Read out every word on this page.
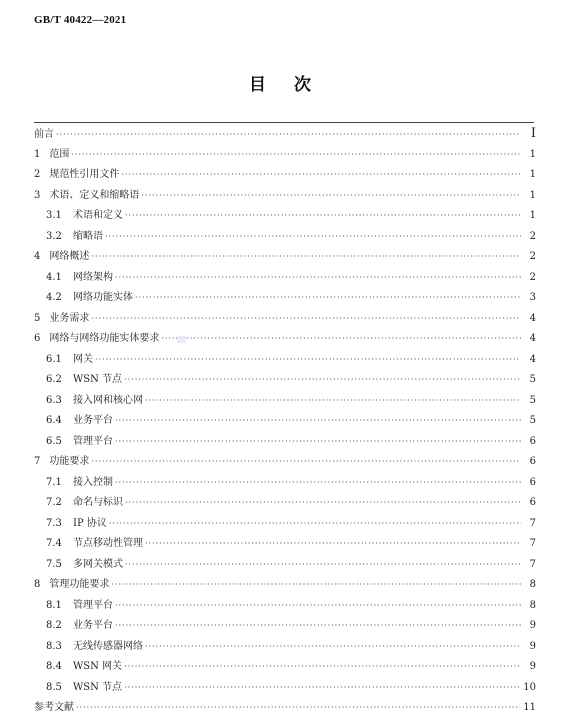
GB/T 40422—2021
目 次
前言 ·····	Ⅰ
1 范围 ·····	1
2 规范性引用文件 ·····	1
3 术语、定义和缩略语 ·····	1
3.1	术语和定义 ·····	1
3.2	缩略语 ·····	2
4 网络概述 ·····	2
4.1	网络架构 ·····	2
4.2	网络功能实体 ·····	3
5 业务需求 ·····	4
6 网络与网络功能实体要求 ·····	4
6.1	网关 ·····	4
6.2	WSN 节点 ·····	5
6.3	接入网和核心网 ·····	5
6.4	业务平台 ·····	5
6.5	管理平台 ·····	6
7 功能要求 ·····	6
7.1	接入控制 ·····	6
7.2	命名与标识 ·····	6
7.3	IP 协议 ·····	7
7.4	节点移动性管理 ·····	7
7.5	多网关模式 ·····	7
8 管理功能要求 ·····	8
8.1	管理平台 ·····	8
8.2	业务平台 ·····	9
8.3	无线传感器网络 ·····	9
8.4	WSN 网关 ·····	9
8.5	WSN 节点 ·····	10
参考文献 ·····	11
